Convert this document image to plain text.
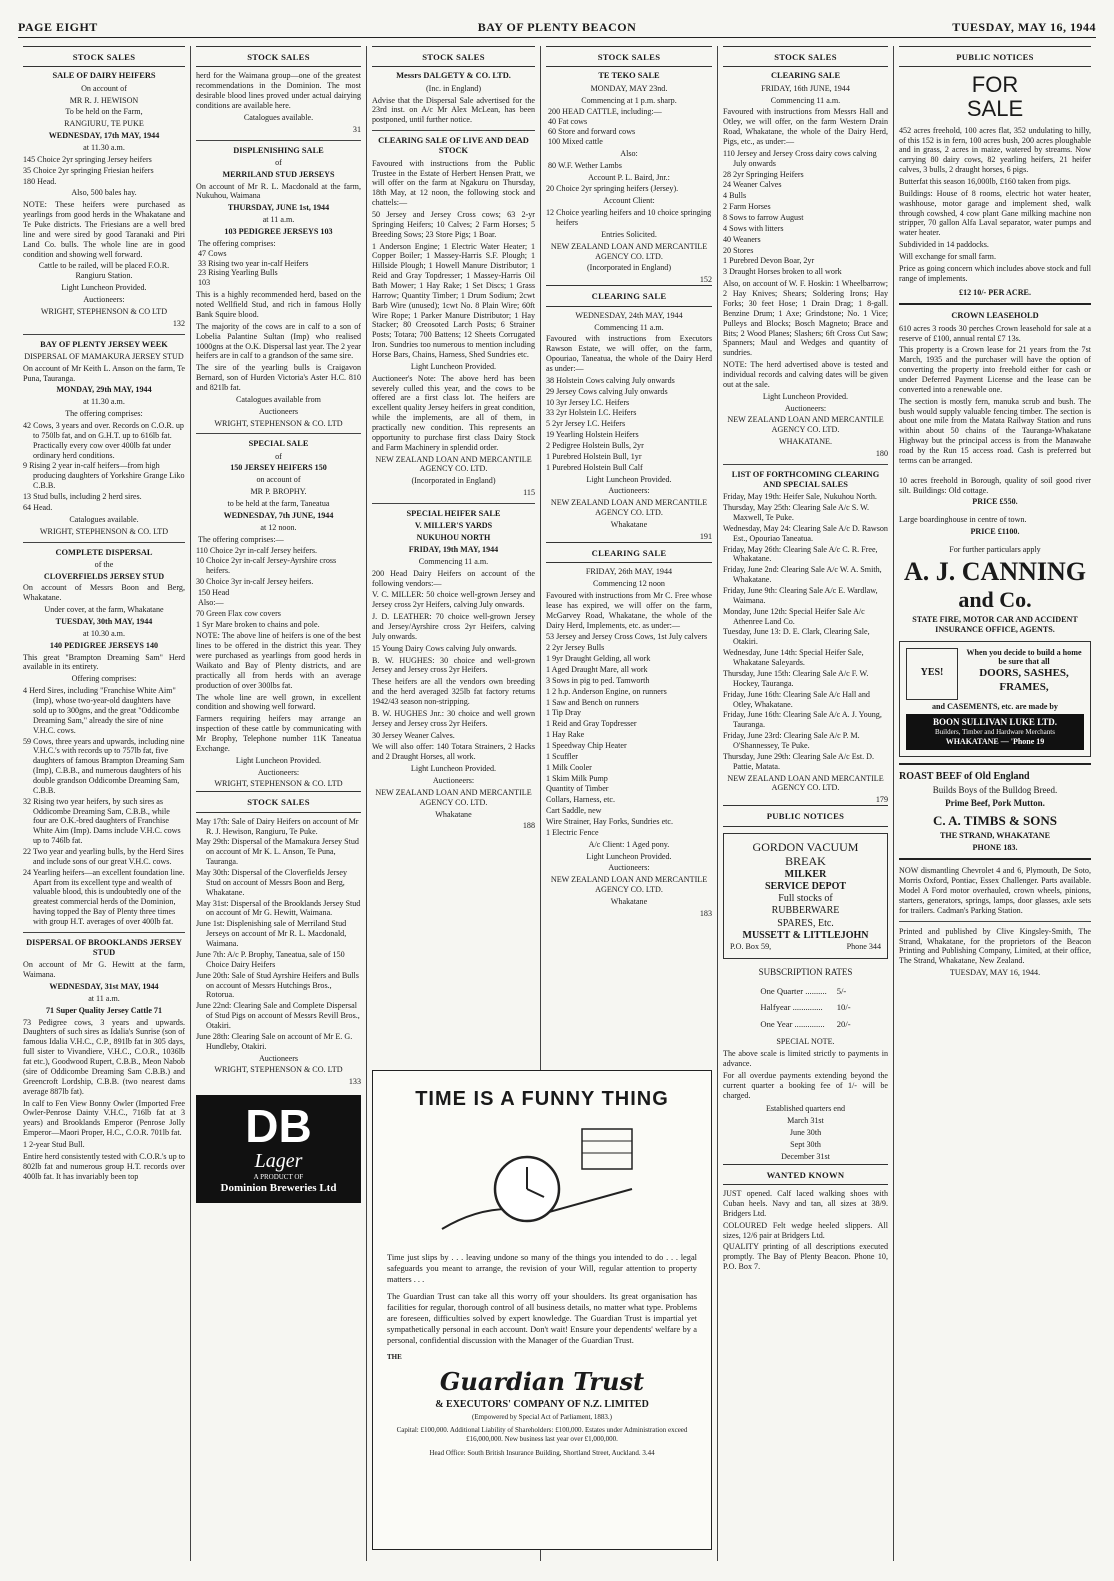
PAGE EIGHT	BAY OF PLENTY BEACON	TUESDAY, MAY 16, 1944
STOCK SALES
SALE OF DAIRY HEIFERS
On account of
MR R. J. HEWISON
To be held on the Farm,
RANGIURU, TE PUKE
WEDNESDAY, 17th MAY, 1944
at 11.30 a.m.
145 Choice 2yr springing Jersey heifers
35 Choice 2yr springing Friesian heifers
180 Head.
Also, 500 bales hay.
NOTE: These heifers were purchased as yearlings from good herds in the Whakatane and Te Puke districts. The Friesians are a well bred line and were sired by good Taranaki and Piri Land Co. bulls. The whole line are in good condition and showing well forward.
Cattle to be railed, will be placed F.O.R. Rangiuru Station.
Light Luncheon Provided.
Auctioneers:
WRIGHT, STEPHENSON & CO LTD
132
BAY OF PLENTY JERSEY WEEK
DISPERSAL OF MAMAKURA JERSEY STUD
On account of Mr Keith L. Anson on the farm, Te Puna, Tauranga.
MONDAY, 29th MAY, 1944
at 11.30 a.m.
The offering comprises:
42 Cows, 3 years and over. Records on C.O.R. up to 750lb fat, and on G.H.T. up to 616lb fat. Practically every cow over 400lb fat under ordinary herd conditions.
9 Rising 2 year in-calf heifers—from high producing daughters of Yorkshire Grange Liko C.B.B.
13 Stud bulls, including 2 herd sires.
64 Head.
Catalogues available.
WRIGHT, STEPHENSON & CO. LTD
COMPLETE DISPERSAL
of the
CLOVERFIELDS JERSEY STUD
On account of Messrs Boon and Berg, Whakatane.
Under cover, at the farm, Whakatane
TUESDAY, 30th MAY, 1944
at 10.30 a.m.
140 PEDIGREE JERSEYS 140
This great "Brampton Dreaming Sam" Herd available in its entirety.
Offering comprises:
4 Herd Sires, including "Franchise White Aim" (Imp), whose two-year-old daughters have sold up to 300gns, and the great "Oddicombe Dreaming Sam," already the sire of nine V.H.C. cows.
59 Cows, three years and upwards, including nine V.H.C.'s with records up to 757lb fat, five daughters of famous Brampton Dreaming Sam (Imp), C.B.B., and numerous daughters of his double grandson Oddicombe Dreaming Sam, C.B.B.
32 Rising two year heifers, by such sires as Oddicombe Dreaming Sam, C.B.B., while four are O.K.-bred daughters of Franchise White Aim (Imp). Dams include V.H.C. cows up to 746lb fat.
22 Two year and yearling bulls, by the Herd Sires and include sons of our great V.H.C. cows.
24 Yearling heifers—an excellent foundation line. Apart from its excellent type and wealth of valuable blood, this is undoubtedly one of the greatest commercial herds of the Dominion, having topped the Bay of Plenty three times with group H.T. averages of over 400lb fat.
DISPERSAL OF BROOKLANDS JERSEY STUD
On account of Mr G. Hewitt at the farm, Waimana.
WEDNESDAY, 31st MAY, 1944
at 11 a.m.
71 Super Quality Jersey Cattle 71
73 Pedigree cows, 3 years and upwards. Daughters of such sires as Idalia's Sunrise (son of famous Idalia V.H.C., C.P., 891lb fat in 305 days, full sister to Vivandiere, V.H.C., C.O.R., 1036lb fat etc.), Goodwood Rupert, C.B.B., Meon Nabob (sire of Oddicombe Dreaming Sam C.B.B.) and Greencroft Lordship, C.B.B. (two nearest dams average 887lb fat).
In calf to Fen View Bonny Owler (Imported Free Owler-Penrose Dainty V.H.C., 716lb fat at 3 years) and Brooklands Emperor (Penrose Jolly Emperor—Maori Proper, H.C., C.O.R. 701lb fat.
1 2-year Stud Bull.
Entire herd consistently tested with C.O.R.'s up to 802lb fat and numerous group H.T. records over 400lb fat. It has invariably been top
STOCK SALES
herd for the Waimana group—one of the greatest recommendations in the Dominion. The most desirable blood lines proved under actual dairying conditions are available here.
Catalogues available.
31
DISPLENISHING SALE
of
MERRILAND STUD JERSEYS
On account of Mr R. L. Macdonald at the farm, Nukuhou, Waimana
THURSDAY, JUNE 1st, 1944
at 11 a.m.
103 PEDIGREE JERSEYS 103
The offering comprises:
47 Cows
33 Rising two year in-calf Heifers
23 Rising Yearling Bulls
103
This is a highly recommended herd, based on the noted Wellfield Stud, and rich in famous Holly Bank Squire blood.
The majority of the cows are in calf to a son of Lobelia Palantine Sultan (Imp) who realised 1000gns at the O.K. Dispersal last year. The 2 year heifers are in calf to a grandson of the same sire.
The sire of the yearling bulls is Craigavon Bernard, son of Hurden Victoria's Aster H.C. 810 and 821lb fat.
Catalogues available from
Auctioneers
WRIGHT, STEPHENSON & CO. LTD
SPECIAL SALE
of
150 JERSEY HEIFERS 150
on account of
MR P. BROPHY.
to be held at the farm, Taneatua
WEDNESDAY, 7th JUNE, 1944
at 12 noon.
The offering comprises:—
110 Choice 2yr in-calf Jersey heifers.
10 Choice 2yr in-calf Jersey-Ayrshire cross heifers.
30 Choice 3yr in-calf Jersey heifers.
150 Head
Also:—
70 Green Flax cow covers
1 Syr Mare broken to chains and pole.
NOTE: The above line of heifers is one of the best lines to be offered in the district this year. They were purchased as yearlings from good herds in Waikato and Bay of Plenty districts, and are practically all from herds with an average production of over 300lbs fat.
The whole line are well grown, in excellent condition and showing well forward.
Farmers requiring heifers may arrange an inspection of these cattle by communicating with Mr Brophy, Telephone number 11K Taneatua Exchange.
Light Luncheon Provided.
Auctioneers:
WRIGHT, STEPHENSON & CO. LTD
STOCK SALES
May 17th: Sale of Dairy Heifers on account of Mr R. J. Hewison, Rangiuru, Te Puke.
May 29th: Dispersal of the Mamakura Jersey Stud on account of Mr K. L. Anson, Te Puna, Tauranga.
May 30th: Dispersal of the Cloverfields Jersey Stud on account of Messrs Boon and Berg, Whakatane.
May 31st: Dispersal of the Brooklands Jersey Stud on account of Mr G. Hewitt, Waimana.
June 1st: Displenishing sale of Merriland Stud Jerseys on account of Mr R. L. Macdonald, Waimana.
June 7th: A/c P. Brophy, Taneatua, sale of 150 Choice Dairy Heifers
June 20th: Sale of Stud Ayrshire Heifers and Bulls on account of Messrs Hutchings Bros., Rotorua.
June 22nd: Clearing Sale and Complete Dispersal of Stud Pigs on account of Messrs Revill Bros., Otakiri.
June 28th: Clearing Sale on account of Mr E. G. Hundleby, Otakiri.
Auctioneers
WRIGHT, STEPHENSON & CO. LTD
133
DB
Lager
A PRODUCT OF
Dominion Breweries Ltd
STOCK SALES
Messrs DALGETY & CO. LTD.
(Inc. in England)
Advise that the Dispersal Sale advertised for the 23rd inst. on A/c Mr Alex McLean, has been postponed, until further notice.
CLEARING SALE OF LIVE AND DEAD STOCK
Favoured with instructions from the Public Trustee in the Estate of Herbert Hensen Pratt, we will offer on the farm at Ngakuru on Thursday, 18th May, at 12 noon, the following stock and chattels:—
50 Jersey and Jersey Cross cows; 63 2-yr Springing Heifers; 10 Calves; 2 Farm Horses; 5 Breeding Sows; 23 Store Pigs; 1 Boar.
1 Anderson Engine; 1 Electric Water Heater; 1 Copper Boiler; 1 Massey-Harris S.F. Plough; 1 Hillside Plough; 1 Howell Manure Distributor; 1 Reid and Gray Topdresser; 1 Massey-Harris Oil Bath Mower; 1 Hay Rake; 1 Set Discs; 1 Grass Harrow; Quantity Timber; 1 Drum Sodium; 2cwt Barb Wire (unused); 1cwt No. 8 Plain Wire; 60ft Wire Rope; 1 Parker Manure Distributor; 1 Hay Stacker; 80 Creosoted Larch Posts; 6 Strainer Posts; Totara; 700 Battens; 12 Sheets Corrugated Iron. Sundries too numerous to mention including Horse Bars, Chains, Harness, Shed Sundries etc.
Light Luncheon Provided.
Auctioneer's Note: The above herd has been severely culled this year, and the cows to be offered are a first class lot. The heifers are excellent quality Jersey heifers in great condition, while the implements, are all of them, in practically new condition. This represents an opportunity to purchase first class Dairy Stock and Farm Machinery in splendid order.
NEW ZEALAND LOAN AND MERCANTILE AGENCY CO. LTD.
(Incorporated in England)
115
SPECIAL HEIFER SALE
V. MILLER'S YARDS
NUKUHOU NORTH
FRIDAY, 19th MAY, 1944
Commencing 11 a.m.
200 Head Dairy Heifers on account of the following vendors:—
V. C. MILLER: 50 choice well-grown Jersey and Jersey cross 2yr Heifers, calving July onwards.
J. D. LEATHER: 70 choice well-grown Jersey and Jersey/Ayrshire cross 2yr Heifers, calving July onwards.
15 Young Dairy Cows calving July onwards.
B. W. HUGHES: 30 choice and well-grown Jersey and Jersey cross 2yr Heifers.
These heifers are all the vendors own breeding and the herd averaged 325lb fat factory returns 1942/43 season non-stripping.
B. W. HUGHES Jnr.: 30 choice and well grown Jersey and Jersey cross 2yr Heifers.
30 Jersey Weaner Calves.
We will also offer: 140 Totara Strainers, 2 Hacks and 2 Draught Horses, all work.
Light Luncheon Provided.
Auctioneers:
NEW ZEALAND LOAN AND MERCANTILE AGENCY CO. LTD.
Whakatane
188
STOCK SALES
TE TEKO SALE
MONDAY, MAY 23nd.
Commencing at 1 p.m. sharp.
200 HEAD CATTLE, including:—
40 Fat cows
60 Store and forward cows
100 Mixed cattle
Also:
80 W.F. Wether Lambs
Account P. L. Baird, Jnr.:
20 Choice 2yr springing heifers (Jersey).
Account Client:
12 Choice yearling heifers and 10 choice springing heifers
Entries Solicited.
NEW ZEALAND LOAN AND MERCANTILE AGENCY CO. LTD.
(Incorporated in England)
152
CLEARING SALE
WEDNESDAY, 24th MAY, 1944
Commencing 11 a.m.
Favoured with instructions from Executors Rawson Estate, we will offer, on the farm, Opouriao, Taneatua, the whole of the Dairy Herd as under:—
38 Holstein Cows calving July onwards
29 Jersey Cows calving July onwards
10 3yr Jersey I.C. Heifers
33 2yr Holstein I.C. Heifers
5 2yr Jersey I.C. Heifers
19 Yearling Holstein Heifers
2 Pedigree Holstein Bulls, 2yr
1 Purebred Holstein Bull, 1yr
1 Purebred Holstein Bull Calf
Light Luncheon Provided.
Auctioneers:
NEW ZEALAND LOAN AND MERCANTILE AGENCY CO. LTD.
Whakatane
191
CLEARING SALE
FRIDAY, 26th MAY, 1944
Commencing 12 noon
Favoured with instructions from Mr C. Free whose lease has expired, we will offer on the farm, McGarvey Road, Whakatane, the whole of the Dairy Herd, Implements, etc. as under:—
53 Jersey and Jersey Cross Cows, 1st July calvers
2 2yr Jersey Bulls
1 9yr Draught Gelding, all work
1 Aged Draught Mare, all work
3 Sows in pig to ped. Tamworth
1 2 h.p. Anderson Engine, on runners
1 Saw and Bench on runners
1 Tip Dray
1 Reid and Gray Topdresser
1 Hay Rake
1 Speedway Chip Heater
1 Scuffler
1 Milk Cooler
1 Skim Milk Pump
Quantity of Timber
Collars, Harness, etc.
Cart Saddle, new
Wire Strainer, Hay Forks, Sundries etc.
1 Electric Fence
A/c Client: 1 Aged pony.
Light Luncheon Provided.
Auctioneers:
NEW ZEALAND LOAN AND MERCANTILE AGENCY CO. LTD.
Whakatane
183
TIME IS A FUNNY THING

Time just slips by . . . leaving undone so many of the things you intended to do . . . legal safeguards you meant to arrange, the revision of your Will, regular attention to property matters . . .

The Guardian Trust can take all this worry off your shoulders. Its great organisation has facilities for regular, thorough control of all business details, no matter what type. Problems are foreseen, difficulties solved by expert knowledge. The Guardian Trust is impartial yet sympathetically personal in each account. Don't wait! Ensure your dependents' welfare by a personal, confidential discussion with the Manager of the Guardian Trust.

THE
Guardian Trust
& EXECUTORS' COMPANY OF N.Z. LIMITED
(Empowered by Special Act of Parliament, 1883.)
Capital: £100,000. Additional Liability of Shareholders: £100,000. Estates under Administration exceed £16,000,000. New business last year over £1,000,000.
Head Office: South British Insurance Building, Shortland Street, Auckland. 3.44
STOCK SALES
CLEARING SALE
FRIDAY, 16th JUNE, 1944
Commencing 11 a.m.
Favoured with instructions from Messrs Hall and Otley, we will offer, on the farm Western Drain Road, Whakatane, the whole of the Dairy Herd, Pigs, etc., as under:—
110 Jersey and Jersey Cross dairy cows calving July onwards
28 2yr Springing Heifers
24 Weaner Calves
4 Bulls
2 Farm Horses
8 Sows to farrow August
4 Sows with litters
40 Weaners
20 Stores
1 Purebred Devon Boar, 2yr
3 Draught Horses broken to all work
Also, on account of W. F. Hoskin: 1 Wheelbarrow; 2 Hay Knives; Shears; Soldering Irons; Hay Forks; 30 feet Hose; 1 Drain Drag; 1 8-gall. Benzine Drum; 1 Axe; Grindstone; No. 1 Vice; Pulleys and Blocks; Bosch Magneto; Brace and Bits; 2 Wood Planes; Slashers; 6ft Cross Cut Saw; Spanners; Maul and Wedges and quantity of sundries.
NOTE: The herd advertised above is tested and individual records and calving dates will be given out at the sale.
Light Luncheon Provided.
Auctioneers:
NEW ZEALAND LOAN AND MERCANTILE AGENCY CO. LTD.
WHAKATANE.
180
LIST OF FORTHCOMING CLEARING AND SPECIAL SALES
Friday, May 19th: Heifer Sale, Nukuhou North.
Thursday, May 25th: Clearing Sale A/c S. W. Maxwell, Te Puke.
Wednesday, May 24: Clearing Sale A/c D. Rawson Est., Opouriao Taneatua.
Friday, May 26th: Clearing Sale A/c C. R. Free, Whakatane.
Friday, June 2nd: Clearing Sale A/c W. A. Smith, Whakatane.
Friday, June 9th: Clearing Sale A/c E. Wardlaw, Waimana.
Monday, June 12th: Special Heifer Sale A/c Athenree Land Co.
Tuesday, June 13: D. E. Clark, Clearing Sale, Otakiri.
Wednesday, June 14th: Special Heifer Sale, Whakatane Saleyards.
Thursday, June 15th: Clearing Sale A/c F. W. Hockey, Tauranga.
Friday, June 16th: Clearing Sale A/c Hall and Otley, Whakatane.
Friday, June 16th: Clearing Sale A/c A. J. Young, Tauranga.
Friday, June 23rd: Clearing Sale A/c P. M. O'Shannessey, Te Puke.
Thursday, June 29th: Clearing Sale A/c Est. D. Pattie, Matata.
NEW ZEALAND LOAN AND MERCANTILE AGENCY CO. LTD.
179
PUBLIC NOTICES
GORDON VACUUM
BREAK
MILKER
SERVICE DEPOT
Full stocks of
RUBBERWARE
SPARES, Etc.
MUSSETT & LITTLEJOHN
P.O. Box 59,	Phone 344
SUBSCRIPTION RATES
One Quarter ..........	5/-
Halfyear ..............	10/-
One Year ..............	20/-
SPECIAL NOTE.
The above scale is limited strictly to payments in advance.
For all overdue payments extending beyond the current quarter a booking fee of 1/- will be charged.
Established quarters end
March 31st
June 30th
Sept 30th
December 31st
WANTED KNOWN
JUST opened. Calf laced walking shoes with Cuban heels. Navy and tan, all sizes at 38/9. Bridgers Ltd.
COLOURED Felt wedge heeled slippers. All sizes, 12/6 pair at Bridgers Ltd.
QUALITY printing of all descriptions executed promptly. The Bay of Plenty Beacon. Phone 10, P.O. Box 7.
PUBLIC NOTICES
FOR
SALE
452 acres freehold, 100 acres flat, 352 undulating to hilly, of this 152 is in fern, 100 acres bush, 200 acres ploughable and in grass, 2 acres in maize, watered by streams. Now carrying 80 dairy cows, 82 yearling heifers, 21 heifer calves, 3 bulls, 2 draught horses, 6 pigs.
Butterfat this season 16,000lb, £160 taken from pigs.
Buildings: House of 8 rooms, electric hot water heater, washhouse, motor garage and implement shed, walk through cowshed, 4 cow plant Gane milking machine non stripper, 70 gallon Alfa Laval separator, water pumps and water heater.
Subdivided in 14 paddocks.
Will exchange for small farm.
Price as going concern which includes above stock and full range of implements.
£12 10/- PER ACRE.
CROWN LEASEHOLD
610 acres 3 roods 30 perches Crown leasehold for sale at a reserve of £100, annual rental £7 13s.
This property is a Crown lease for 21 years from the 7st March, 1935 and the purchaser will have the option of converting the property into freehold either for cash or under Deferred Payment License and the lease can be converted into a renewable one.
The section is mostly fern, manuka scrub and bush. The bush would supply valuable fencing timber. The section is about one mile from the Matata Railway Station and runs within about 50 chains of the Tauranga-Whakatane Highway but the principal access is from the Manawahe road by the Run 15 access road. Cash is preferred but terms can be arranged.
10 acres freehold in Borough, quality of soil good river silt. Buildings: Old cottage.
PRICE £550.
Large boardinghouse in centre of town.
PRICE £1100.
For further particulars apply
A. J. CANNING
and Co.
STATE FIRE, MOTOR CAR AND ACCIDENT INSURANCE OFFICE, AGENTS.
YES!
When you decide to build a home be sure that all
DOORS, SASHES, FRAMES,
and CASEMENTS, etc. are made by
BOON SULLIVAN LUKE LTD.
Builders, Timber and Hardware Merchants
WHAKATANE — 'Phone 19
ROAST BEEF of Old England
Builds Boys of the Bulldog Breed.
Prime Beef, Pork Mutton.
C. A. TIMBS & SONS
THE STRAND, WHAKATANE
PHONE 183.
NOW dismantling Chevrolet 4 and 6, Plymouth, De Soto, Morris Oxford, Pontiac, Essex Challenger. Parts available. Model A Ford motor overhauled, crown wheels, pinions, starters, generators, springs, lamps, door glasses, axle sets for trailers. Cadman's Parking Station.
Printed and published by Clive Kingsley-Smith, The Strand, Whakatane, for the proprietors of the Beacon Printing and Publishing Company, Limited, at their office, The Strand, Whakatane, New Zealand.
TUESDAY, MAY 16, 1944.
